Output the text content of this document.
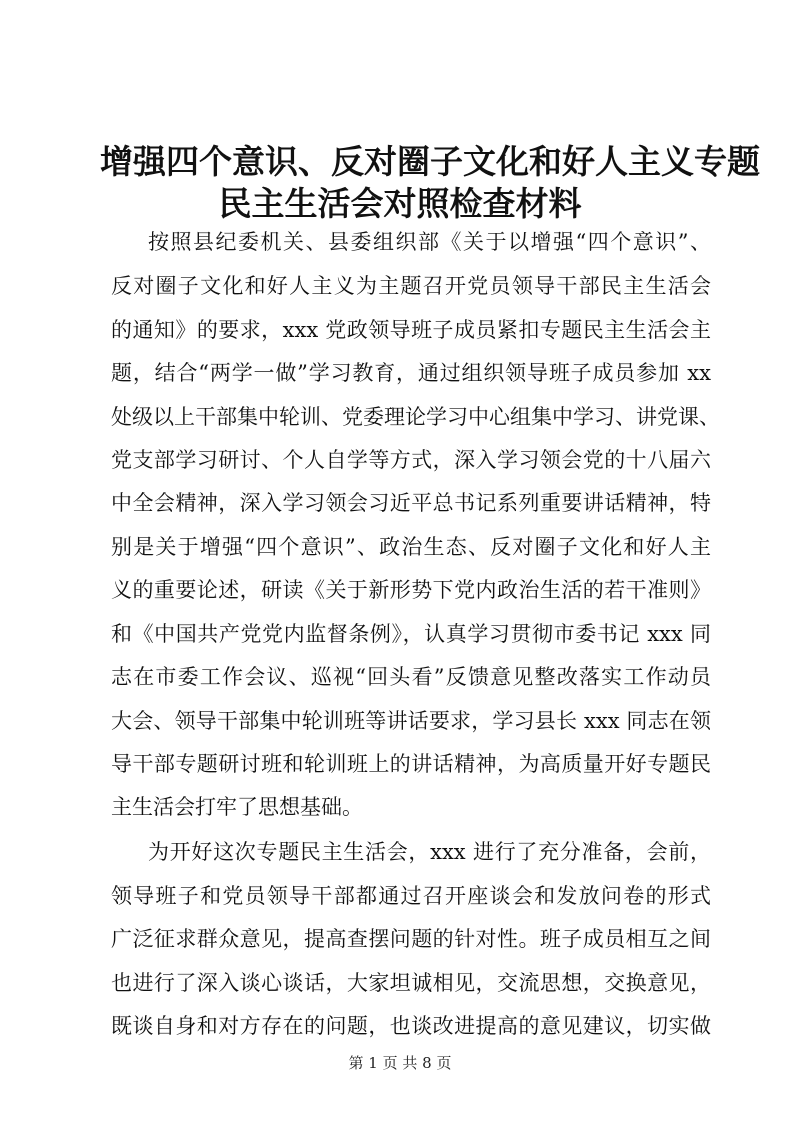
增强四个意识、反对圈子文化和好人主义专题
民主生活会对照检查材料
按照县纪委机关、县委组织部《关于以增强“四个意识”、
反对圈子文化和好人主义为主题召开党员领导干部民主生活会
的通知》的要求，xxx 党政领导班子成员紧扣专题民主生活会主
题，结合“两学一做”学习教育，通过组织领导班子成员参加 xx
处级以上干部集中轮训、党委理论学习中心组集中学习、讲党课、
党支部学习研讨、个人自学等方式，深入学习领会党的十八届六
中全会精神，深入学习领会习近平总书记系列重要讲话精神，特
别是关于增强“四个意识”、政治生态、反对圈子文化和好人主
义的重要论述，研读《关于新形势下党内政治生活的若干准则》
和《中国共产党党内监督条例》，认真学习贯彻市委书记 xxx 同
志在市委工作会议、巡视“回头看”反馈意见整改落实工作动员
大会、领导干部集中轮训班等讲话要求，学习县长 xxx 同志在领
导干部专题研讨班和轮训班上的讲话精神，为高质量开好专题民
主生活会打牢了思想基础。
为开好这次专题民主生活会，xxx 进行了充分准备，会前，
领导班子和党员领导干部都通过召开座谈会和发放问卷的形式
广泛征求群众意见，提高查摆问题的针对性。班子成员相互之间
也进行了深入谈心谈话，大家坦诚相见，交流思想，交换意见，
既谈自身和对方存在的问题，也谈改进提高的意见建议，切实做
第 1 页 共 8 页
